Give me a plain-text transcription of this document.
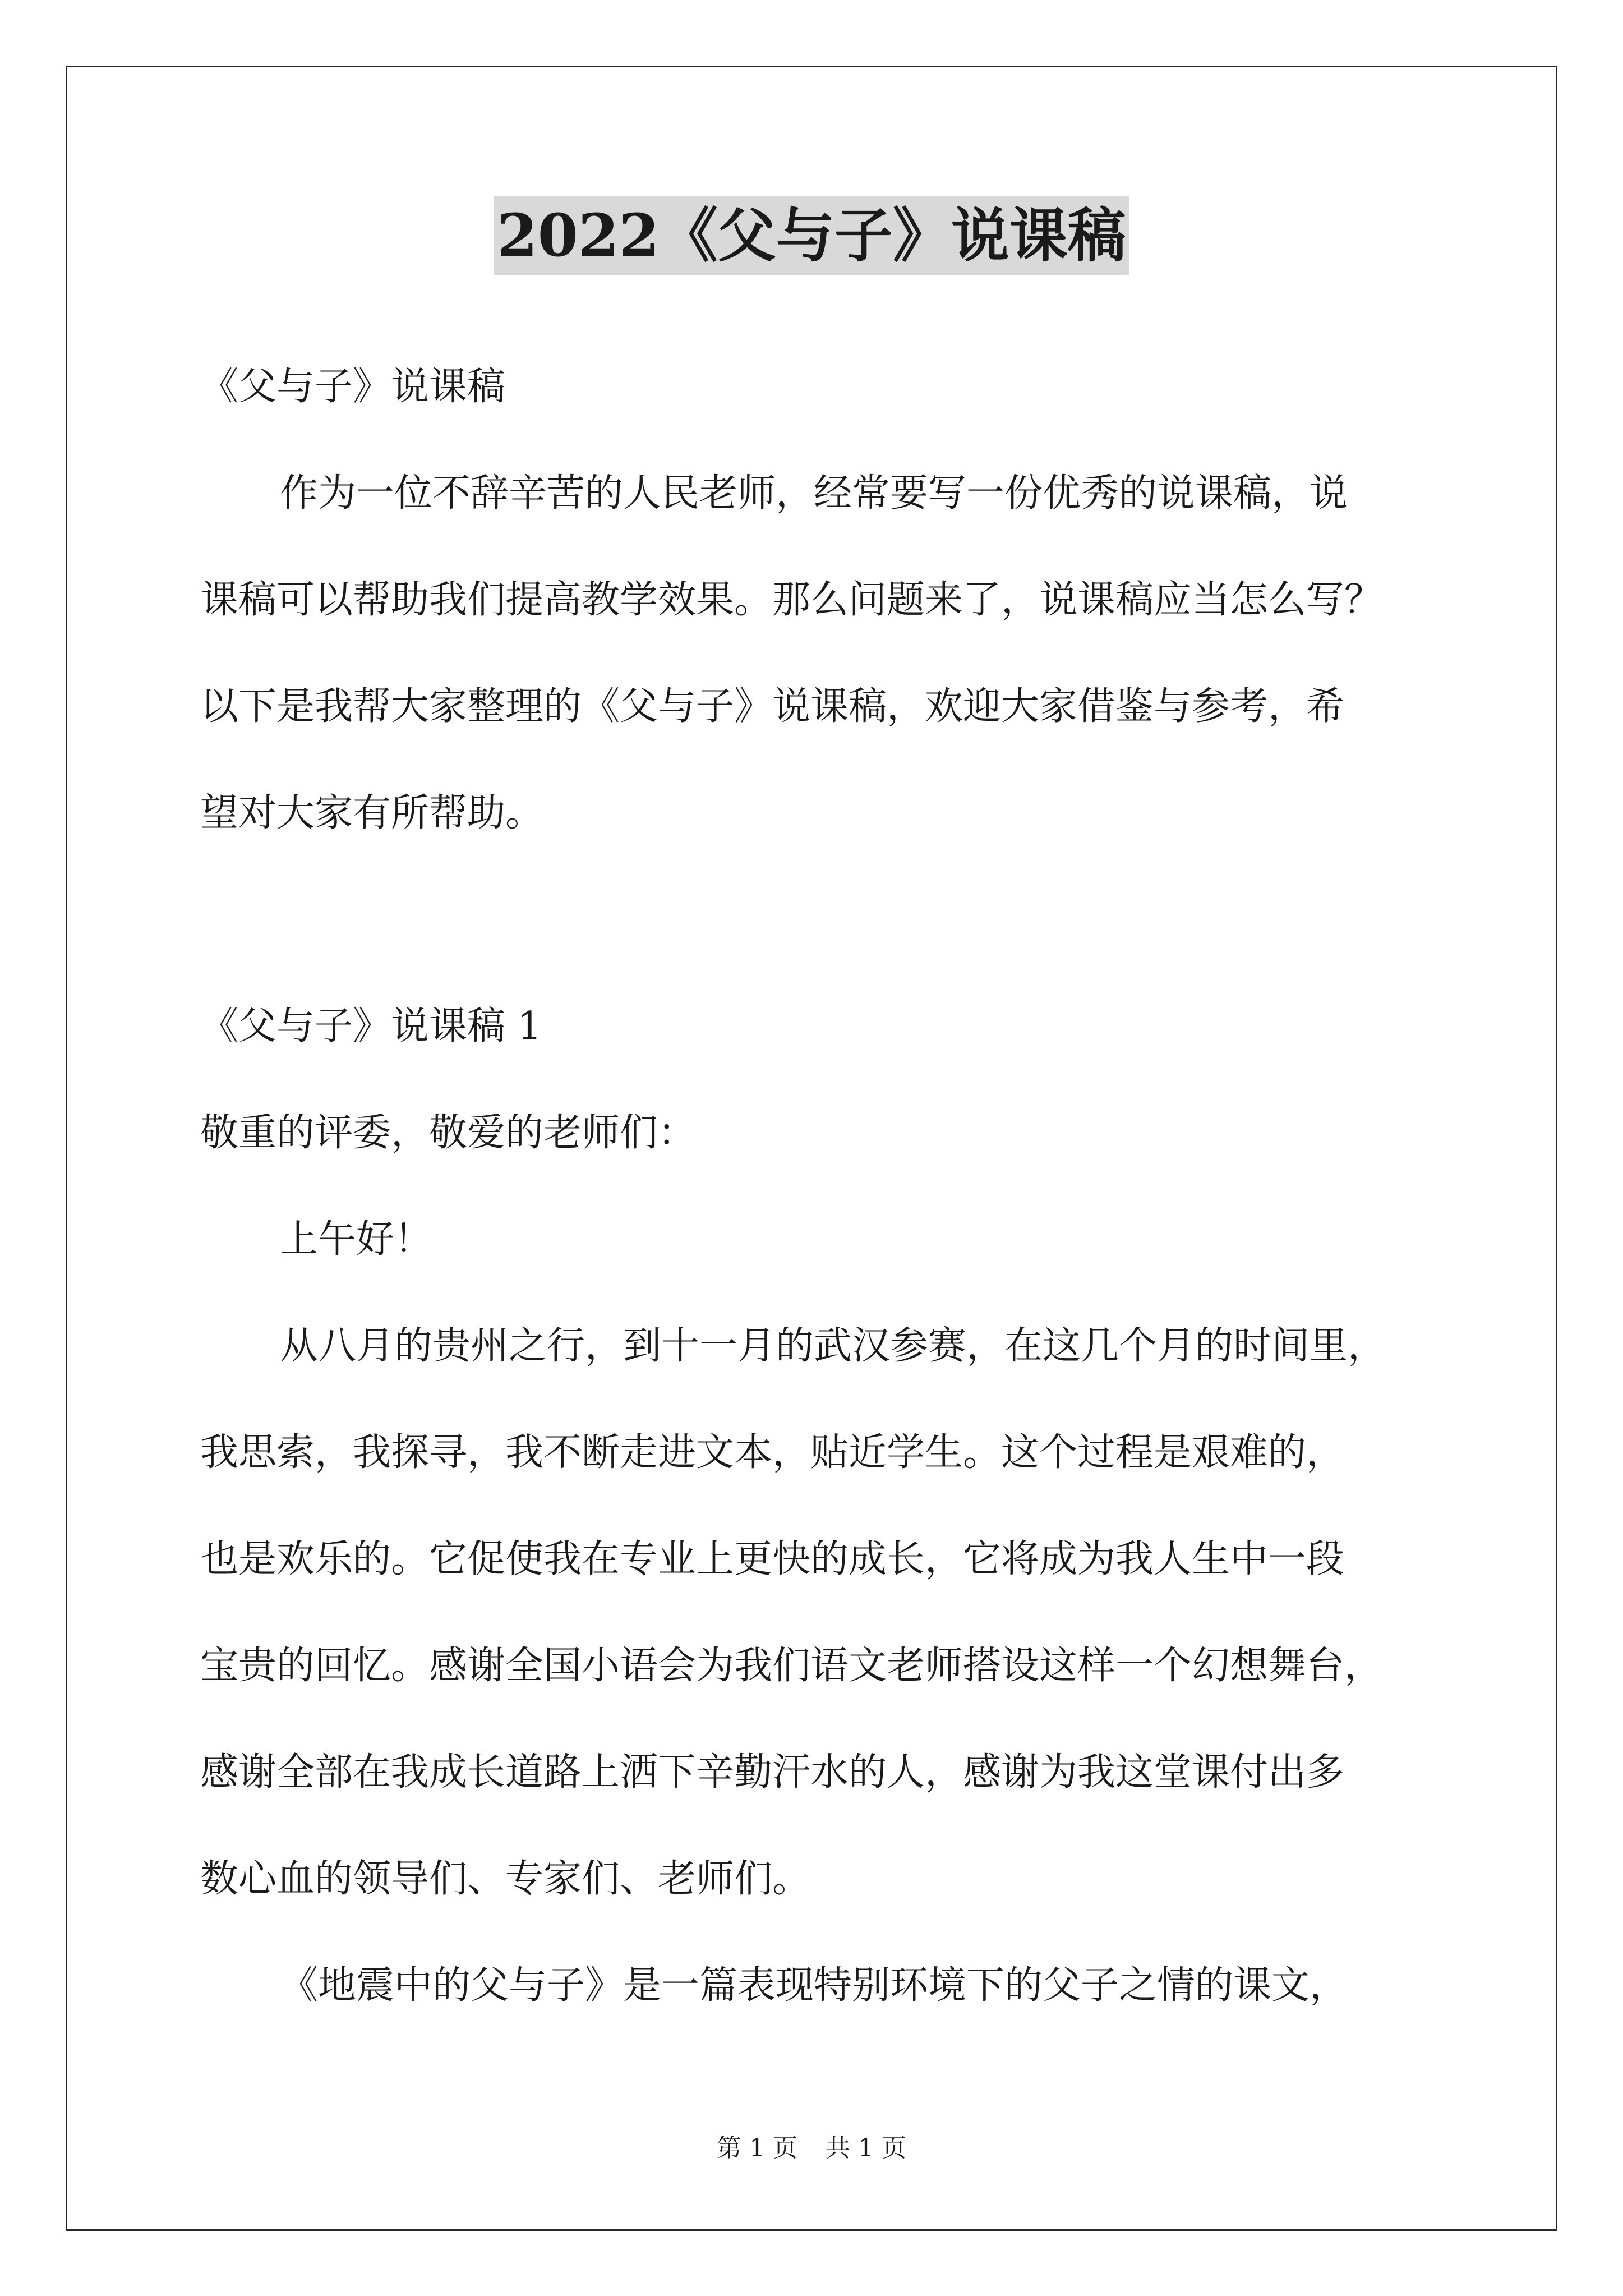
2022《父与子》说课稿
《父与子》说课稿
作为一位不辞辛苦的人民老师，经常要写一份优秀的说课稿，说
课稿可以帮助我们提高教学效果。那么问题来了，说课稿应当怎么写？
以下是我帮大家整理的《父与子》说课稿，欢迎大家借鉴与参考，希
望对大家有所帮助。
《父与子》说课稿 1
敬重的评委，敬爱的老师们：
上午好！
从八月的贵州之行，到十一月的武汉参赛，在这几个月的时间里，
我思索，我探寻，我不断走进文本，贴近学生。这个过程是艰难的，
也是欢乐的。它促使我在专业上更快的成长，它将成为我人生中一段
宝贵的回忆。感谢全国小语会为我们语文老师搭设这样一个幻想舞台，
感谢全部在我成长道路上洒下辛勤汗水的人，感谢为我这堂课付出多
数心血的领导们、专家们、老师们。
《地震中的父与子》是一篇表现特别环境下的父子之情的课文，
第 1 页 共 1 页
